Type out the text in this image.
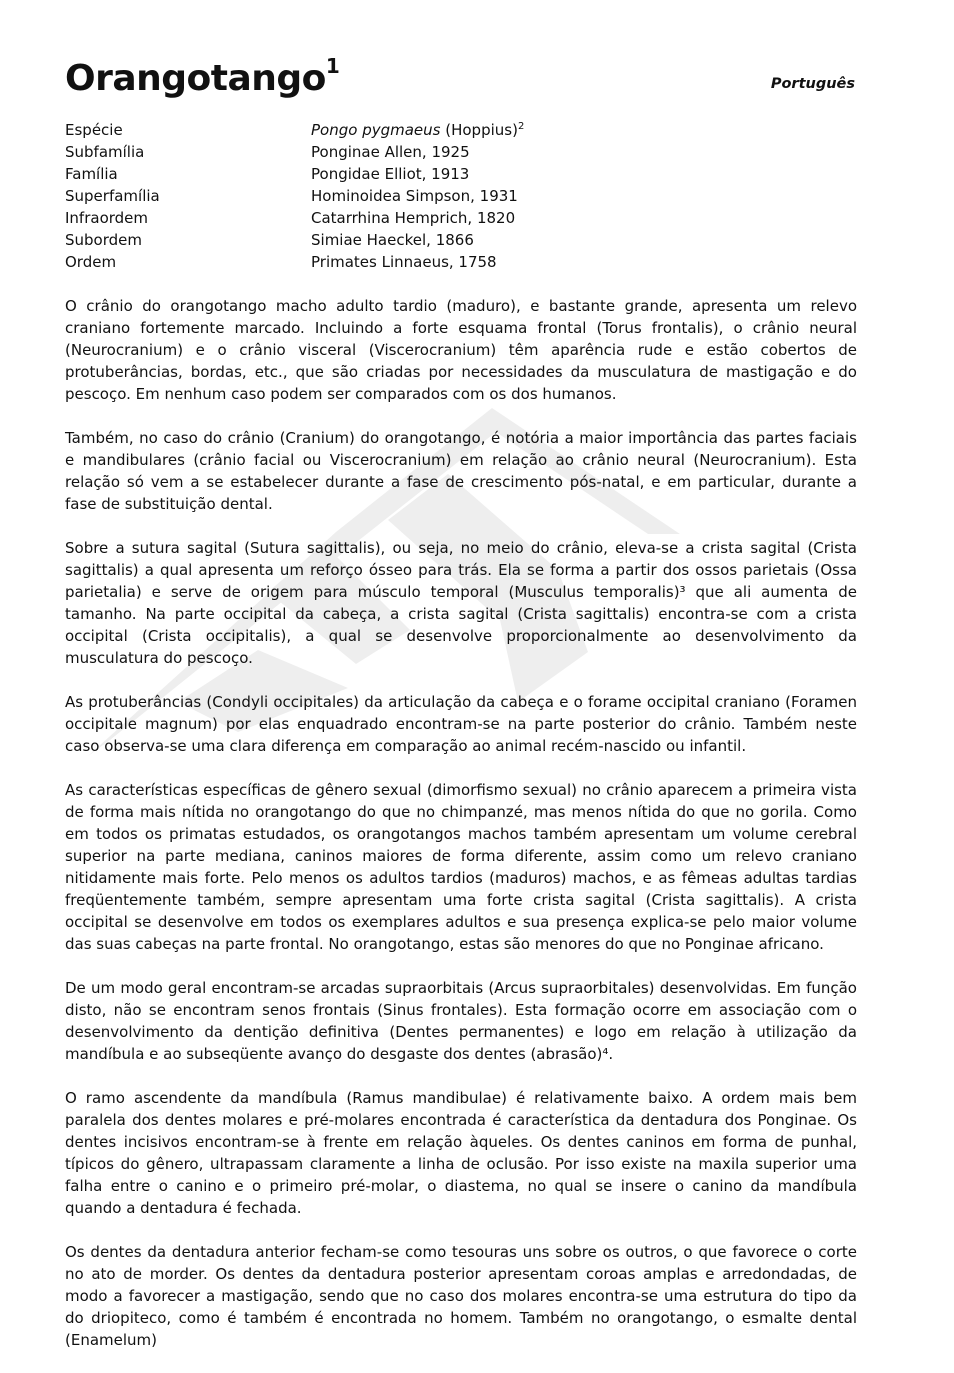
Orangotango$^1$
Português
Espécie	Pongo pygmaeus (Hoppius)$^2$
Subfamília	Ponginae Allen, 1925
Família	Pongidae Elliot, 1913
Superfamília	Hominoidea Simpson, 1931
Infraordem	Catarrhina Hemprich, 1820
Subordem	Simiae Haeckel, 1866
Ordem	Primates Linnaeus, 1758

O crânio do orangotango macho adulto tardio (maduro), e bastante grande, apresenta um relevo craniano fortemente marcado. Incluindo a forte esquama frontal (Torus frontalis), o crânio neural (Neurocranium) e o crânio visceral (Viscerocranium) têm aparência rude e estão cobertos de protuberâncias, bordas, etc., que são criadas por necessidades da musculatura de mastigação e do pescoço. Em nenhum caso podem ser comparados com os dos humanos.

Também, no caso do crânio (Cranium) do orangotango, é notória a maior importância das partes faciais e mandibulares (crânio facial ou Viscerocranium) em relação ao crânio neural (Neurocranium). Esta relação só vem a se estabelecer durante a fase de crescimento pós-natal, e em particular, durante a fase de substituição dental.

Sobre a sutura sagital (Sutura sagittalis), ou seja, no meio do crânio, eleva-se a crista sagital (Crista sagittalis) a qual apresenta um reforço ósseo para trás. Ela se forma a partir dos ossos parietais (Ossa parietalia) e serve de origem para músculo temporal (Musculus temporalis)³ que ali aumenta de tamanho. Na parte occipital da cabeça, a crista sagital (Crista sagittalis) encontra-se com a crista occipital (Crista occipitalis), a qual se desenvolve proporcionalmente ao desenvolvimento da musculatura do pescoço.

As protuberâncias (Condyli occipitales) da articulação da cabeça e o forame occipital craniano (Foramen occipitale magnum) por elas enquadrado encontram-se na parte posterior do crânio. Também neste caso observa-se uma clara diferença em comparação ao animal recém-nascido ou infantil.

As características específicas de gênero sexual (dimorfismo sexual) no crânio aparecem a primeira vista de forma mais nítida no orangotango do que no chimpanzé, mas menos nítida do que no gorila. Como em todos os primatas estudados, os orangotangos machos também apresentam um volume cerebral superior na parte mediana, caninos maiores de forma diferente, assim como um relevo craniano nitidamente mais forte. Pelo menos os adultos tardios (maduros) machos, e as fêmeas adultas tardias freqüentemente também, sempre apresentam uma forte crista sagital (Crista sagittalis). A crista occipital se desenvolve em todos os exemplares adultos e sua presença explica-se pelo maior volume das suas cabeças na parte frontal. No orangotango, estas são menores do que no Ponginae africano.

De um modo geral encontram-se arcadas supraorbitais (Arcus supraorbitales) desenvolvidas. Em função disto, não se encontram senos frontais (Sinus frontales). Esta formação ocorre em associação com o desenvolvimento da dentição definitiva (Dentes permanentes) e logo em relação à utilização da mandíbula e ao subseqüente avanço do desgaste dos dentes (abrasão)⁴.

O ramo ascendente da mandíbula (Ramus mandibulae) é relativamente baixo. A ordem mais bem paralela dos dentes molares e pré-molares encontrada é característica da dentadura dos Ponginae. Os dentes incisivos encontram-se à frente em relação àqueles. Os dentes caninos em forma de punhal, típicos do gênero, ultrapassam claramente a linha de oclusão. Por isso existe na maxila superior uma falha entre o canino e o primeiro pré-molar, o diastema, no qual se insere o canino da mandíbula quando a dentadura é fechada.

Os dentes da dentadura anterior fecham-se como tesouras uns sobre os outros, o que favorece o corte no ato de morder. Os dentes da dentadura posterior apresentam coroas amplas e arredondadas, de modo a favorecer a mastigação, sendo que no caso dos molares encontra-se uma estrutura do tipo da do driopiteco, como é também é encontrada no homem. Também no orangotango, o esmalte dental (Enamelum)
